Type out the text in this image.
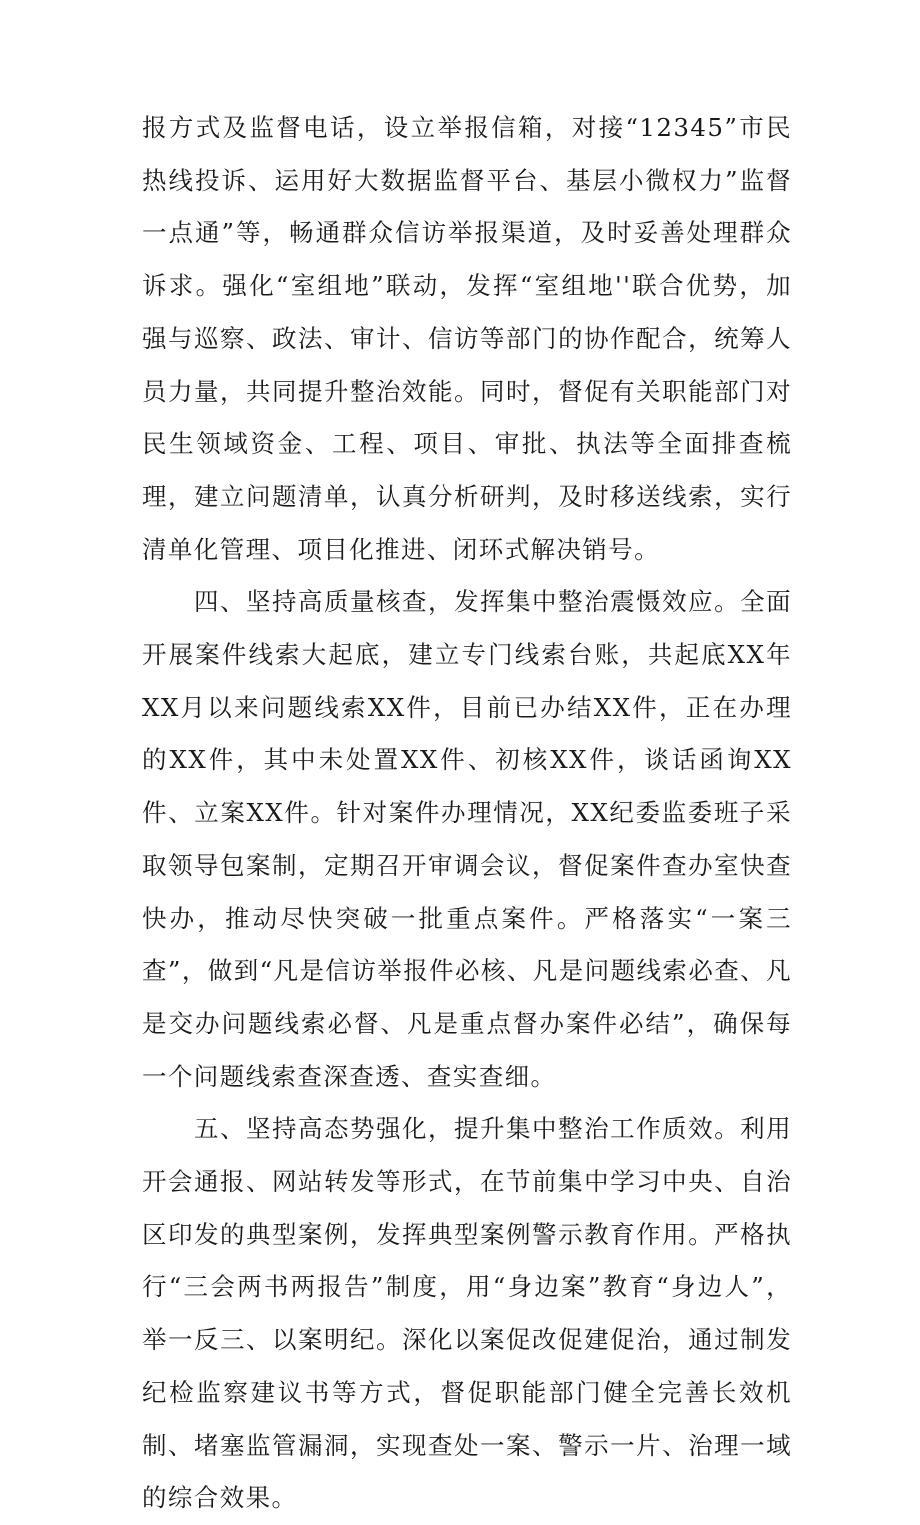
报方式及监督电话，设立举报信箱，对接“12345”市民热线投诉、运用好大数据监督平台、基层小微权力”监督一点通”等，畅通群众信访举报渠道，及时妥善处理群众诉求。强化“室组地”联动，发挥“室组地''联合优势，加强与巡察、政法、审计、信访等部门的协作配合，统筹人员力量，共同提升整治效能。同时，督促有关职能部门对民生领域资金、工程、项目、审批、执法等全面排查梳理，建立问题清单，认真分析研判，及时移送线索，实行清单化管理、项目化推进、闭环式解决销号。

四、坚持高质量核查，发挥集中整治震慑效应。全面开展案件线索大起底，建立专门线索台账，共起底XX年XX月以来问题线索XX件，目前已办结XX件，正在办理的XX件，其中未处置XX件、初核XX件，谈话函询XX件、立案XX件。针对案件办理情况，XX纪委监委班子采取领导包案制，定期召开审调会议，督促案件查办室快查快办，推动尽快突破一批重点案件。严格落实“一案三查”，做到“凡是信访举报件必核、凡是问题线索必查、凡是交办问题线索必督、凡是重点督办案件必结”，确保每一个问题线索查深查透、查实查细。

五、坚持高态势强化，提升集中整治工作质效。利用开会通报、网站转发等形式，在节前集中学习中央、自治区印发的典型案例，发挥典型案例警示教育作用。严格执行“三会两书两报告”制度，用“身边案”教育“身边人”，举一反三、以案明纪。深化以案促改促建促治，通过制发纪检监察建议书等方式，督促职能部门健全完善长效机制、堵塞监管漏洞，实现查处一案、警示一片、治理一域的综合效果。
